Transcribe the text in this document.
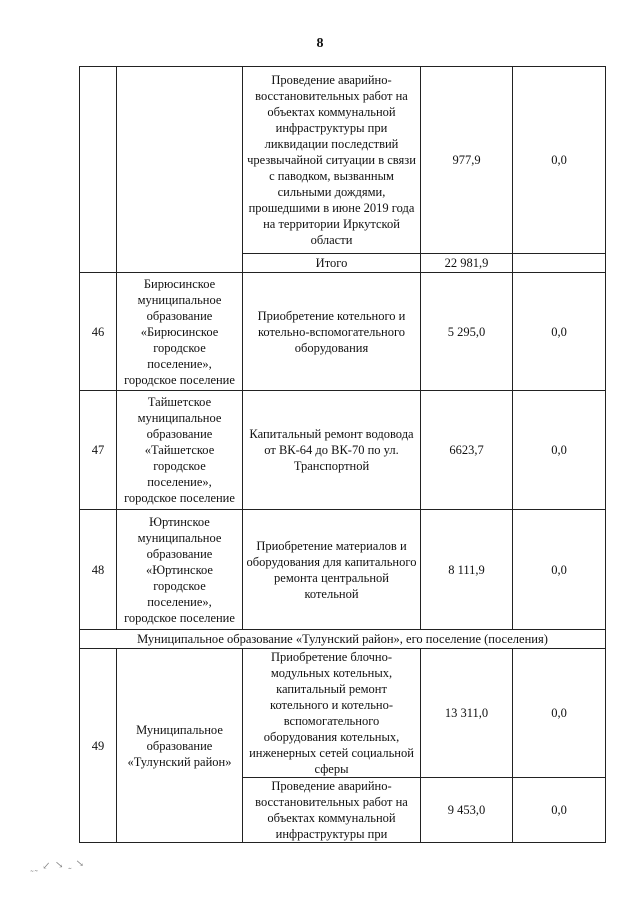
8
		Проведение аварийно-восстановительных работ на объектах коммунальной инфраструктуры при ликвидации последствий чрезвычайной ситуации в связи с паводком, вызванным сильными дождями, прошедшими в июне 2019 года на территории Иркутской области	977,9	0,0
		Итого	22 981,9	
46	Бирюсинское муниципальное образование «Бирюсинское городское поселение», городское поселение	Приобретение котельного и котельно-вспомогательного оборудования	5 295,0	0,0
47	Тайшетское муниципальное образование «Тайшетское городское поселение», городское поселение	Капитальный ремонт водовода от ВК-64 до ВК-70 по ул. Транспортной	6623,7	0,0
48	Юртинское муниципальное образование «Юртинское городское поселение», городское поселение	Приобретение материалов и оборудования для капитального ремонта центральной котельной	8 111,9	0,0
Муниципальное образование «Тулунский район», его поселение (поселения)				
49	Муниципальное образование «Тулунский район»	Приобретение блочно-модульных котельных, капитальный ремонт котельного и котельно-вспомогательного оборудования котельных, инженерных сетей социальной сферы	13 311,0	0,0
		Проведение аварийно-восстановительных работ на объектах коммунальной инфраструктуры при	9 453,0	0,0
˷˷ ↙ ↘ ˷ ↘
